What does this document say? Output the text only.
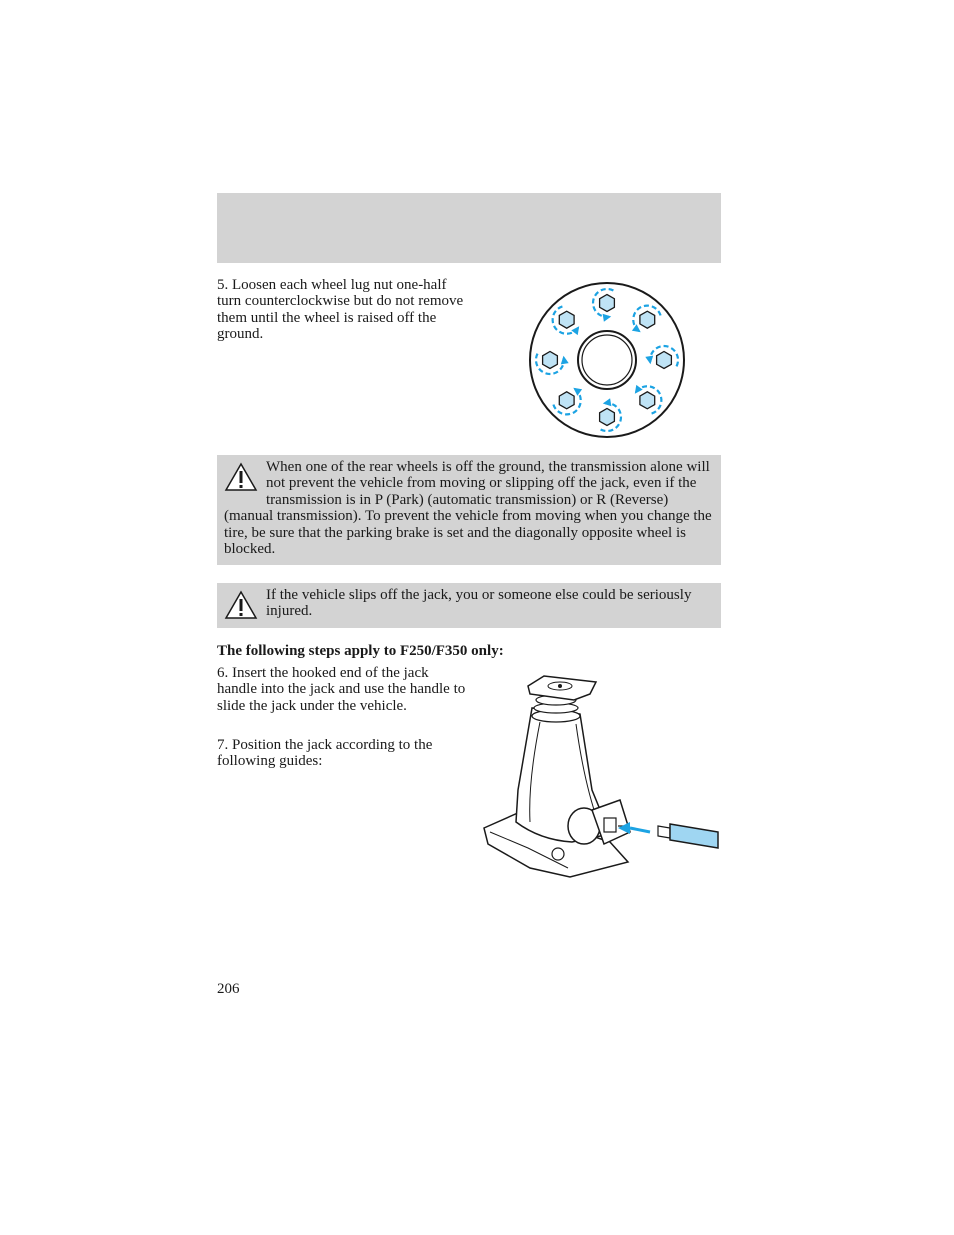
5. Loosen each wheel lug nut one-half turn counterclockwise but do not remove them until the wheel is raised off the ground.

When one of the rear wheels is off the ground, the transmission alone will not prevent the vehicle from moving or slipping off the jack, even if the transmission is in P (Park) (automatic transmission) or R (Reverse) (manual transmission). To prevent the vehicle from moving when you change the tire, be sure that the parking brake is set and the diagonally opposite wheel is blocked.
If the vehicle slips off the jack, you or someone else could be seriously injured.

The following steps apply to F250/F350 only:

6. Insert the hooked end of the jack handle into the jack and use the handle to slide the jack under the vehicle.

7. Position the jack according to the following guides:

206
